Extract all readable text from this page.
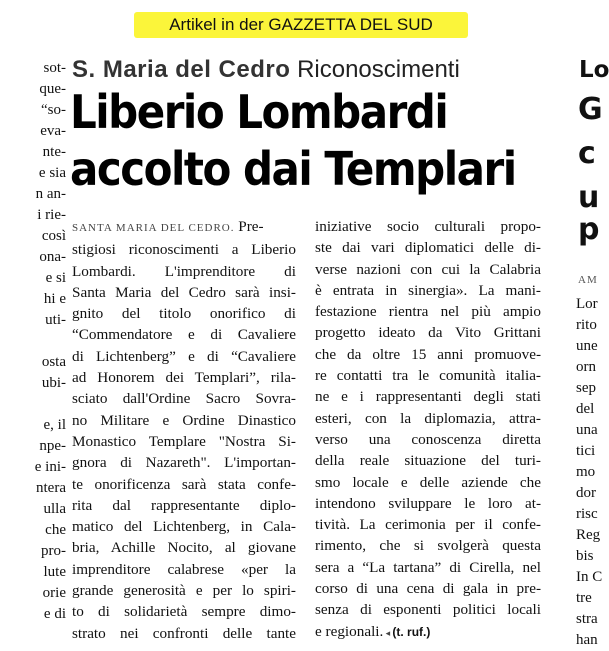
Artikel in der GAZZETTA DEL SUD
sot-
que-
“so-
eva-
nte-
e sia
n an-
i rie-
così
ona-
e si
hi e
uti-
osta
ubi-
e, il
npe-
e ini-
ntera
ulla
che
pro-
lute
orie
e di
Lo
G
c
u
p
AM
Lor
rito
une
orn
sep
del
una
tici
mo
dor
risc
Reg
bis
In C
tre
stra
han
S. Maria del Cedro Riconoscimenti
Liberio Lombardi
accolto dai Templari
SANTA MARIA DEL CEDRO. Pre-
stigiosi riconoscimenti a Liberio
Lombardi. L'imprenditore di
Santa Maria del Cedro sarà insi-
gnito del titolo onorifico di
“Commendatore e di Cavaliere
di Lichtenberg” e di “Cavaliere
ad Honorem dei Templari”, rila-
sciato dall'Ordine Sacro Sovra-
no Militare e Ordine Dinastico
Monastico Templare "Nostra Si-
gnora di Nazareth". L'importan-
te onorificenza sarà stata confe-
rita dal rappresentante diplo-
matico del Lichtenberg, in Cala-
bria, Achille Nocito, al giovane
imprenditore calabrese «per la
grande generosità e per lo spiri-
to di solidarietà sempre dimo-
strato nei confronti delle tante
iniziative socio culturali propo-
ste dai vari diplomatici delle di-
verse nazioni con cui la Calabria
è entrata in sinergia». La mani-
festazione rientra nel più ampio
progetto ideato da Vito Grittani
che da oltre 15 anni promuove-
re contatti tra le comunità italia-
ne e i rappresentanti degli stati
esteri, con la diplomazia, attra-
verso una conoscenza diretta
della reale situazione del turi-
smo locale e delle aziende che
intendono sviluppare le loro at-
tività. La cerimonia per il confe-
rimento, che si svolgerà questa
sera a “La tartana” di Cirella, nel
corso di una cena di gala in pre-
senza di esponenti politici locali
e regionali. ◂ (t. ruf.)
